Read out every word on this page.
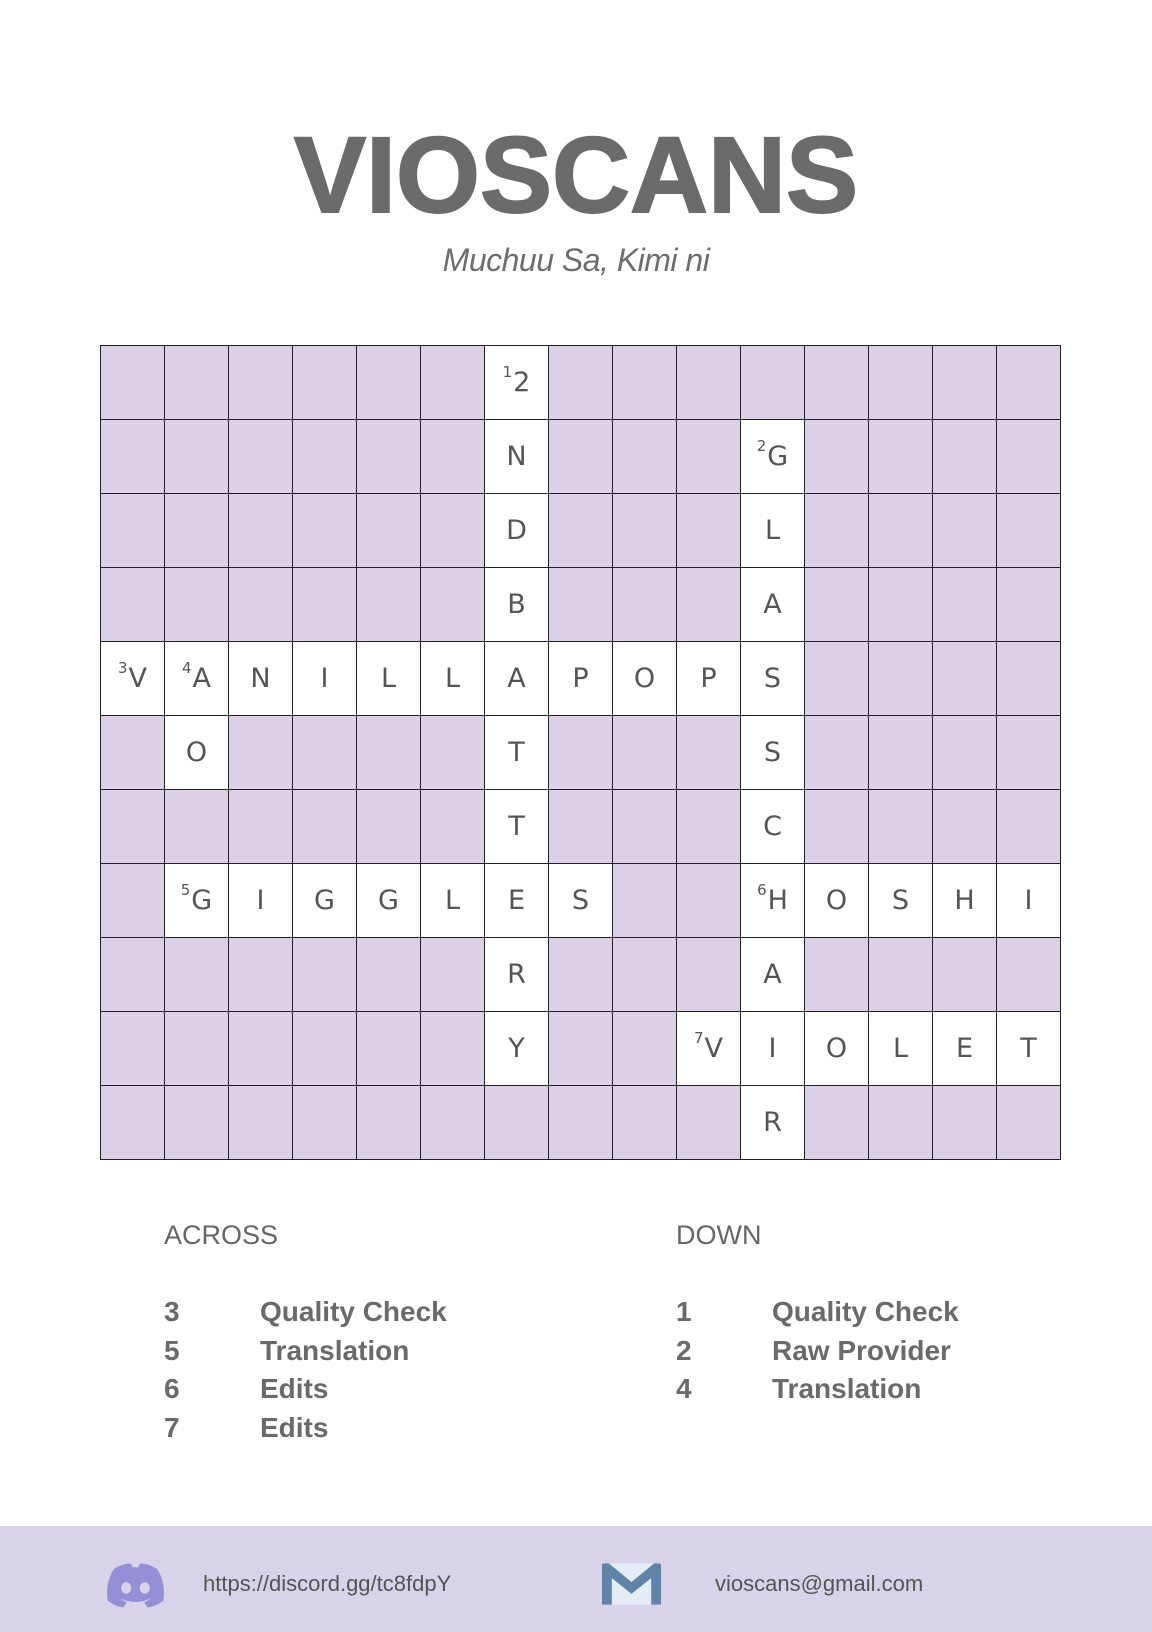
VIOSCANS
Muchuu Sa, Kimi ni
1 2
N	2 G
D	L
B	A
3 V 4 A N I L L A P O P S
O	T	S
T	C
5 G I G G L E S	6 H O S H I
R	A
Y	7 V I O L E T
R
ACROSS
3	Quality Check
5	Translation
6	Edits
7	Edits
DOWN
1	Quality Check
2	Raw Provider
4	Translation
https://discord.gg/tc8fdpY	vioscans@gmail.com
